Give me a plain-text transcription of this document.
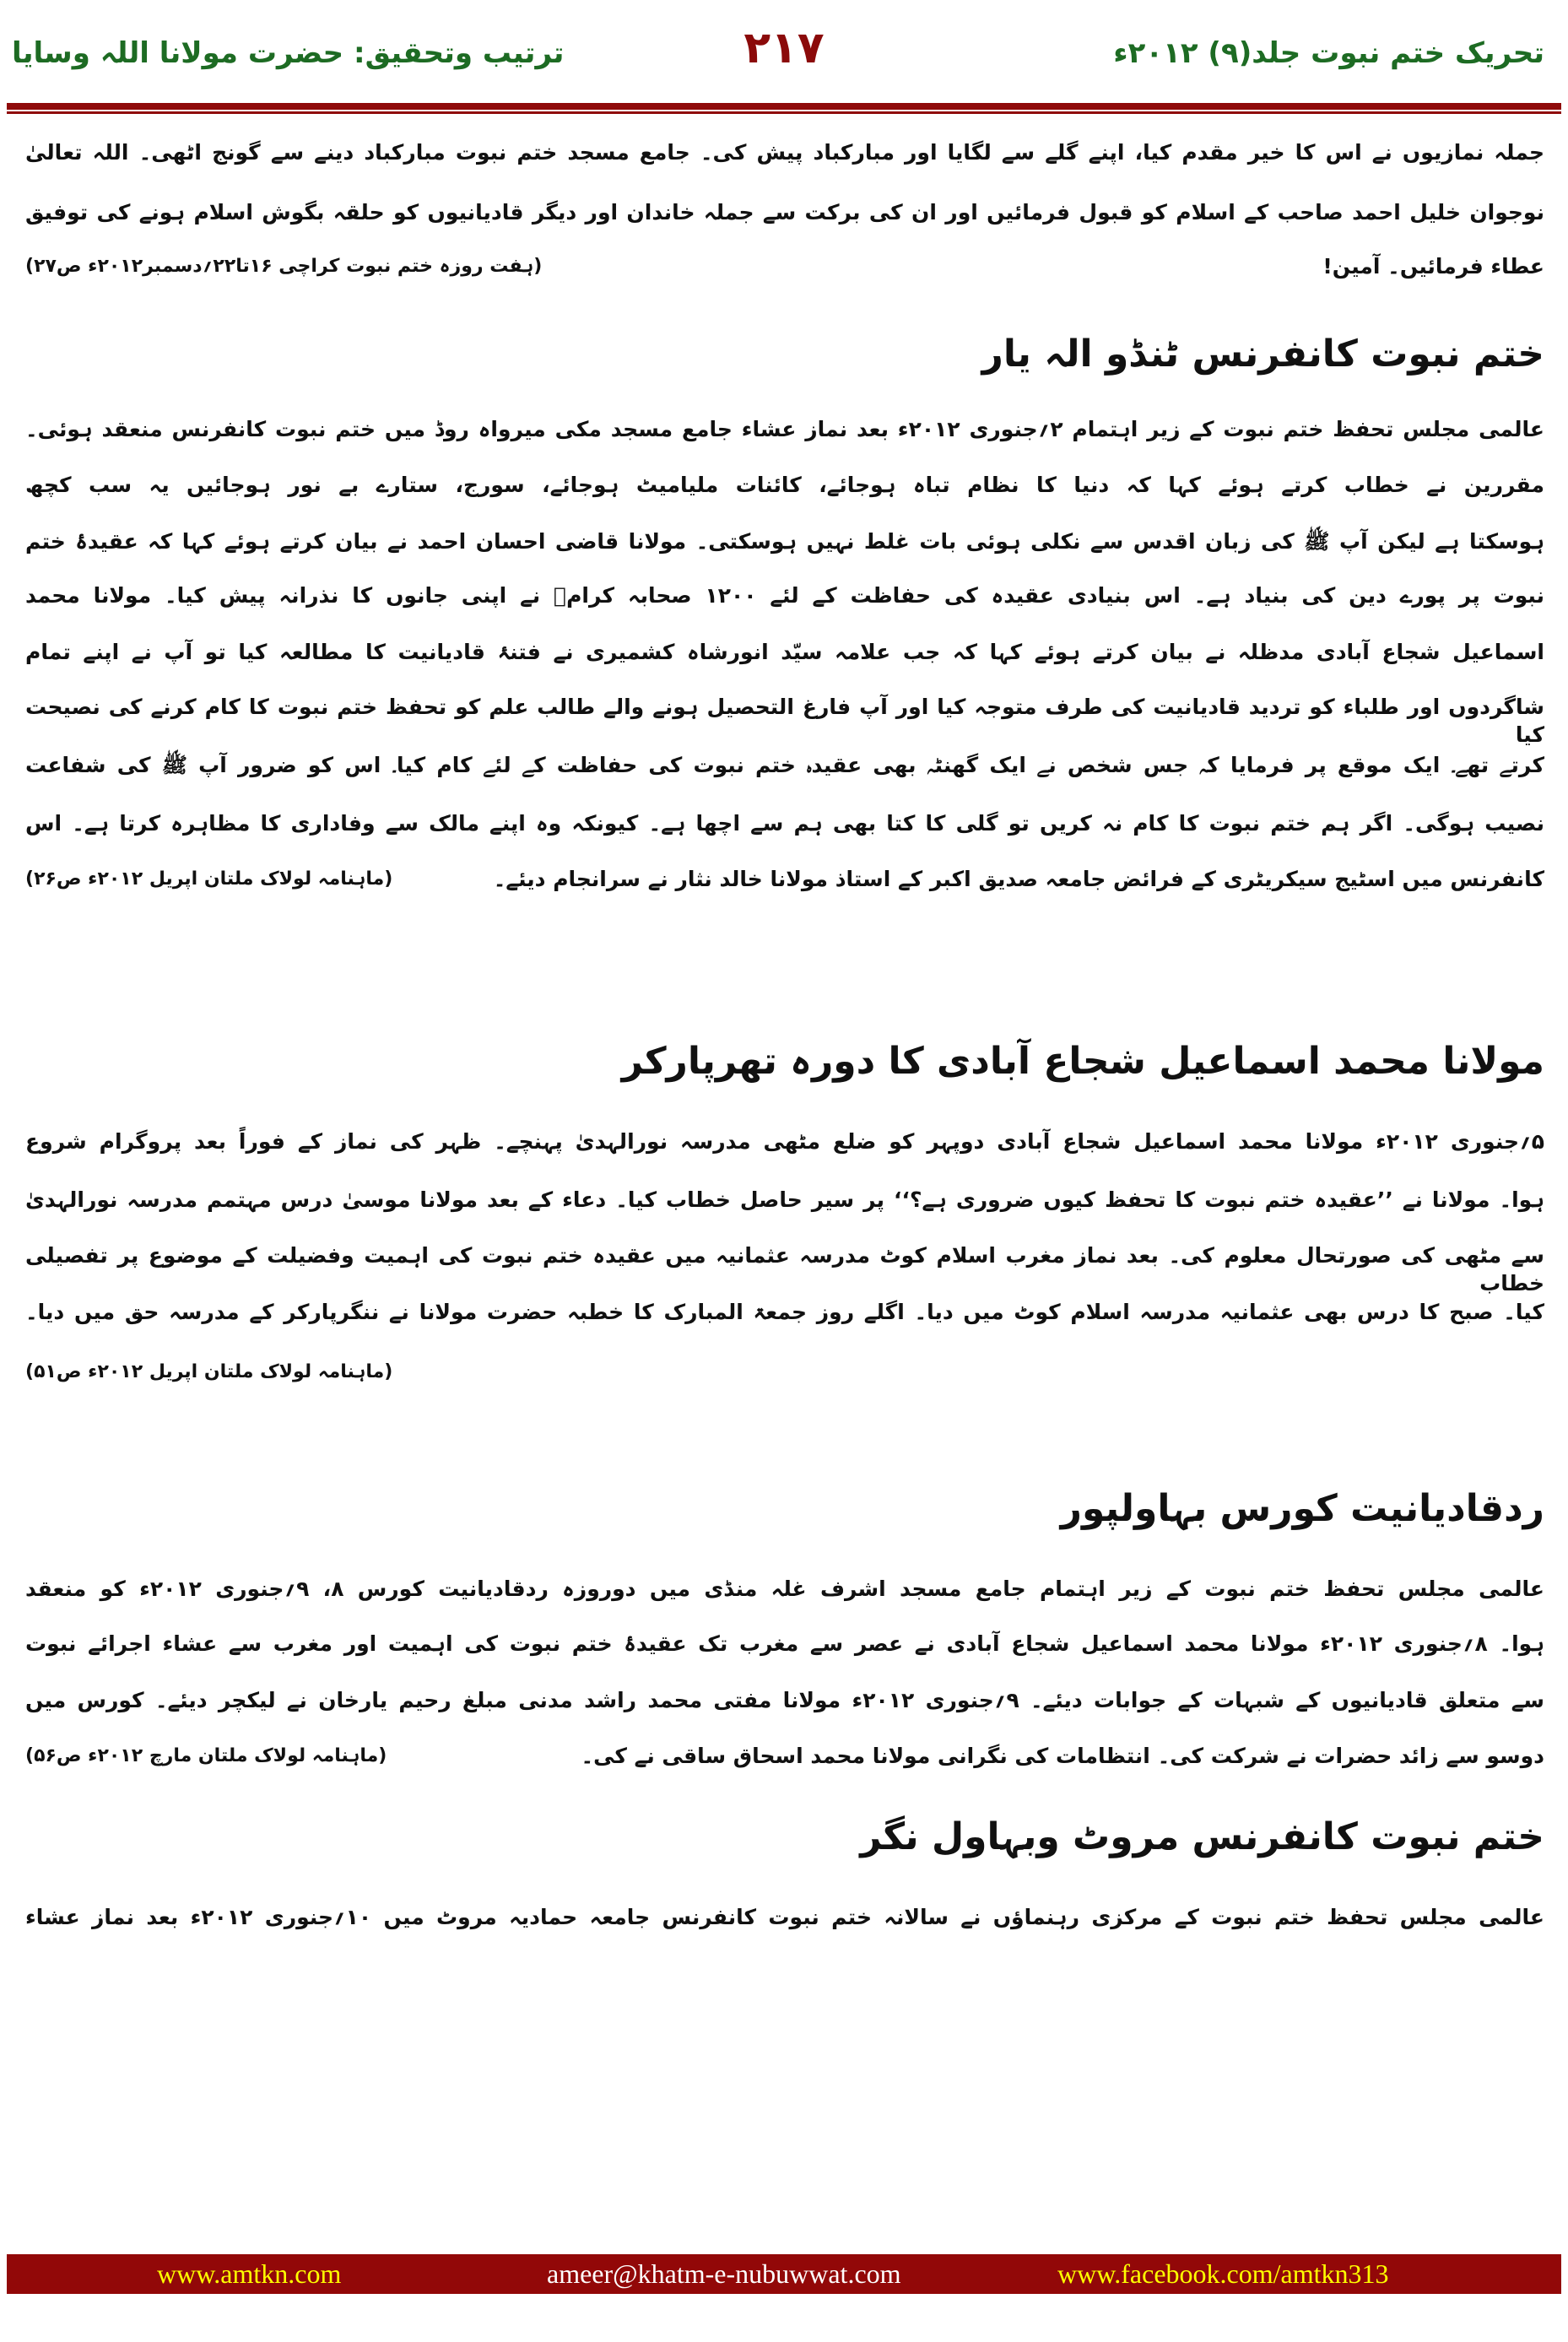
تحریک ختم نبوت جلد(۹) ۲۰۱۲ء
۲۱۷
ترتیب وتحقیق: حضرت مولانا اللہ وسایا
جملہ نمازیوں نے اس کا خیر مقدم کیا، اپنے گلے سے لگایا اور مبارکباد پیش کی۔ جامع مسجد ختم نبوت مبارکباد دینے سے گونج اٹھی۔ اللہ تعالیٰ
نوجوان خلیل احمد صاحب کے اسلام کو قبول فرمائیں اور ان کی برکت سے جملہ خاندان اور دیگر قادیانیوں کو حلقہ بگوش اسلام ہونے کی توفیق
عطاء فرمائیں۔ آمین!
(ہفت روزہ ختم نبوت کراچی ۱۶تا۲۲؍دسمبر۲۰۱۲ء ص۲۷)
ختم نبوت کانفرنس ٹنڈو الہ یار
عالمی مجلس تحفظ ختم نبوت کے زیر اہتمام ۲؍جنوری ۲۰۱۲ء بعد نماز عشاء جامع مسجد مکی میرواہ روڈ میں ختم نبوت کانفرنس منعقد ہوئی۔
مقررین نے خطاب کرتے ہوئے کہا کہ دنیا کا نظام تباہ ہوجائے، کائنات ملیامیٹ ہوجائے، سورج، ستارے بے نور ہوجائیں یہ سب کچھ
ہوسکتا ہے لیکن آپ ﷺ کی زبان اقدس سے نکلی ہوئی بات غلط نہیں ہوسکتی۔ مولانا قاضی احسان احمد نے بیان کرتے ہوئے کہا کہ عقیدۂ ختم
نبوت پر پورے دین کی بنیاد ہے۔ اس بنیادی عقیدہ کی حفاظت کے لئے ۱۲۰۰ صحابہ کرامؓ نے اپنی جانوں کا نذرانہ پیش کیا۔ مولانا محمد
اسماعیل شجاع آبادی مدظلہ نے بیان کرتے ہوئے کہا کہ جب علامہ سیّد انورشاہ کشمیری نے فتنۂ قادیانیت کا مطالعہ کیا تو آپ نے اپنے تمام
شاگردوں اور طلباء کو تردید قادیانیت کی طرف متوجہ کیا اور آپ فارغ التحصیل ہونے والے طالب علم کو تحفظ ختم نبوت کا کام کرنے کی نصیحت کیا
کرتے تھے۔ ایک موقع پر فرمایا کہ جس شخص نے ایک گھنٹہ بھی عقیدہ ختم نبوت کی حفاظت کے لئے کام کیا۔ اس کو ضرور آپ ﷺ کی شفاعت
نصیب ہوگی۔ اگر ہم ختم نبوت کا کام نہ کریں تو گلی کا کتا بھی ہم سے اچھا ہے۔ کیونکہ وہ اپنے مالک سے وفاداری کا مظاہرہ کرتا ہے۔ اس
کانفرنس میں اسٹیج سیکریٹری کے فرائض جامعہ صدیق اکبر کے استاذ مولانا خالد نثار نے سرانجام دیئے۔
(ماہنامہ لولاک ملتان اپریل ۲۰۱۲ء ص۲۶)
مولانا محمد اسماعیل شجاع آبادی کا دورہ تھرپارکر
۵؍جنوری ۲۰۱۲ء مولانا محمد اسماعیل شجاع آبادی دوپہر کو ضلع مٹھی مدرسہ نورالہدیٰ پہنچے۔ ظہر کی نماز کے فوراً بعد پروگرام شروع
ہوا۔ مولانا نے ’’عقیدہ ختم نبوت کا تحفظ کیوں ضروری ہے؟‘‘ پر سیر حاصل خطاب کیا۔ دعاء کے بعد مولانا موسیٰ درس مہتمم مدرسہ نورالہدیٰ
سے مٹھی کی صورتحال معلوم کی۔ بعد نماز مغرب اسلام کوٹ مدرسہ عثمانیہ میں عقیدہ ختم نبوت کی اہمیت وفضیلت کے موضوع پر تفصیلی خطاب
کیا۔ صبح کا درس بھی عثمانیہ مدرسہ اسلام کوٹ میں دیا۔ اگلے روز جمعۃ المبارک کا خطبہ حضرت مولانا نے ننگرپارکر کے مدرسہ حق میں دیا۔
(ماہنامہ لولاک ملتان اپریل ۲۰۱۲ء ص۵۱)
ردقادیانیت کورس بہاولپور
عالمی مجلس تحفظ ختم نبوت کے زیر اہتمام جامع مسجد اشرف غلہ منڈی میں دوروزہ ردقادیانیت کورس ۸، ۹؍جنوری ۲۰۱۲ء کو منعقد
ہوا۔ ۸؍جنوری ۲۰۱۲ء مولانا محمد اسماعیل شجاع آبادی نے عصر سے مغرب تک عقیدۂ ختم نبوت کی اہمیت اور مغرب سے عشاء اجرائے نبوت
سے متعلق قادیانیوں کے شبہات کے جوابات دیئے۔ ۹؍جنوری ۲۰۱۲ء مولانا مفتی محمد راشد مدنی مبلغ رحیم یارخان نے لیکچر دیئے۔ کورس میں
دوسو سے زائد حضرات نے شرکت کی۔ انتظامات کی نگرانی مولانا محمد اسحاق ساقی نے کی۔
(ماہنامہ لولاک ملتان مارچ ۲۰۱۲ء ص۵۶)
ختم نبوت کانفرنس مروٹ وبہاول نگر
عالمی مجلس تحفظ ختم نبوت کے مرکزی رہنماؤں نے سالانہ ختم نبوت کانفرنس جامعہ حمادیہ مروٹ میں ۱۰؍جنوری ۲۰۱۲ء بعد نماز عشاء
www.amtkn.com	ameer@khatm-e-nubuwwat.com	www.facebook.com/amtkn313
